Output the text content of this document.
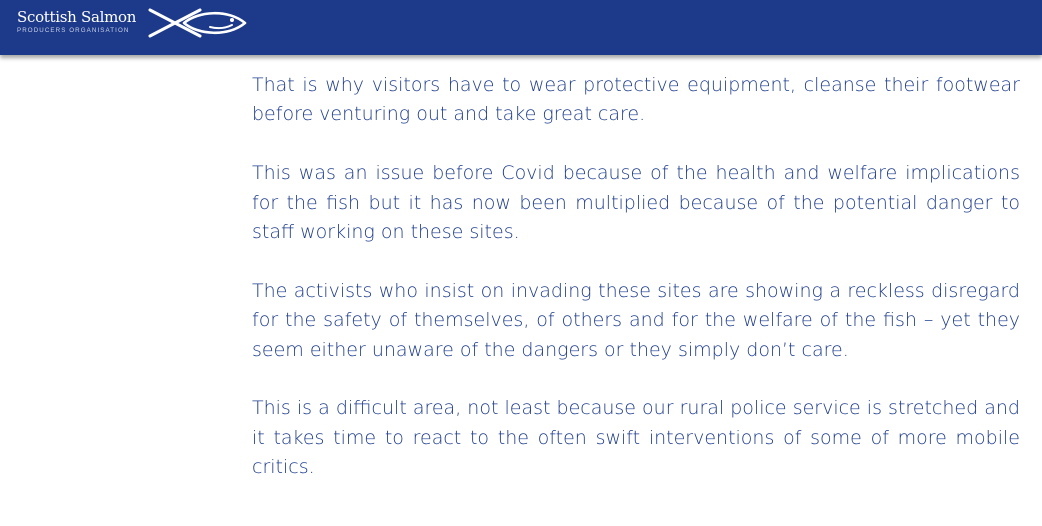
Scottish Salmon
PRODUCERS ORGANISATION

That is why visitors have to wear protective equipment, cleanse their footwear before venturing out and take great care.

This was an issue before Covid because of the health and welfare implications for the fish but it has now been multiplied because of the potential danger to staff working on these sites.

The activists who insist on invading these sites are showing a reckless disregard for the safety of themselves, of others and for the welfare of the fish – yet they seem either unaware of the dangers or they simply don’t care.

This is a difficult area, not least because our rural police service is stretched and it takes time to react to the often swift interventions of some of more mobile critics.
